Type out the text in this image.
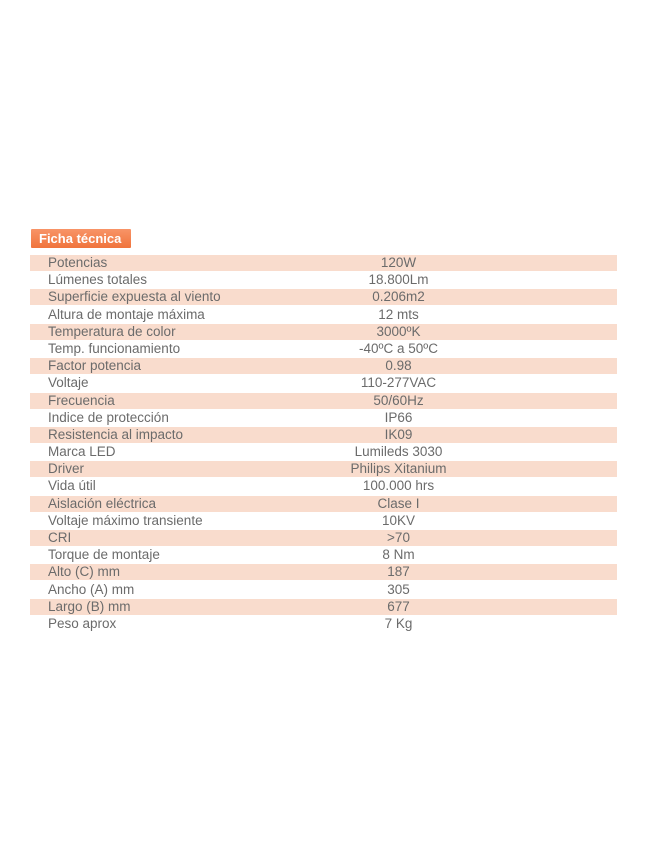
Ficha técnica
Potencias	120W
Lúmenes totales	18.800Lm
Superficie expuesta al viento	0.206m2
Altura de montaje máxima	12 mts
Temperatura de color	3000ºK
Temp. funcionamiento	-40ºC a 50ºC
Factor potencia	0.98
Voltaje	110-277VAC
Frecuencia	50/60Hz
Indice de protección	IP66
Resistencia al impacto	IK09
Marca LED	Lumileds 3030
Driver	Philips Xitanium
Vida útil	100.000 hrs
Aislación eléctrica	Clase I
Voltaje máximo transiente	10KV
CRI	>70
Torque de montaje	8 Nm
Alto (C) mm	187
Ancho (A) mm	305
Largo (B) mm	677
Peso aprox	7 Kg
